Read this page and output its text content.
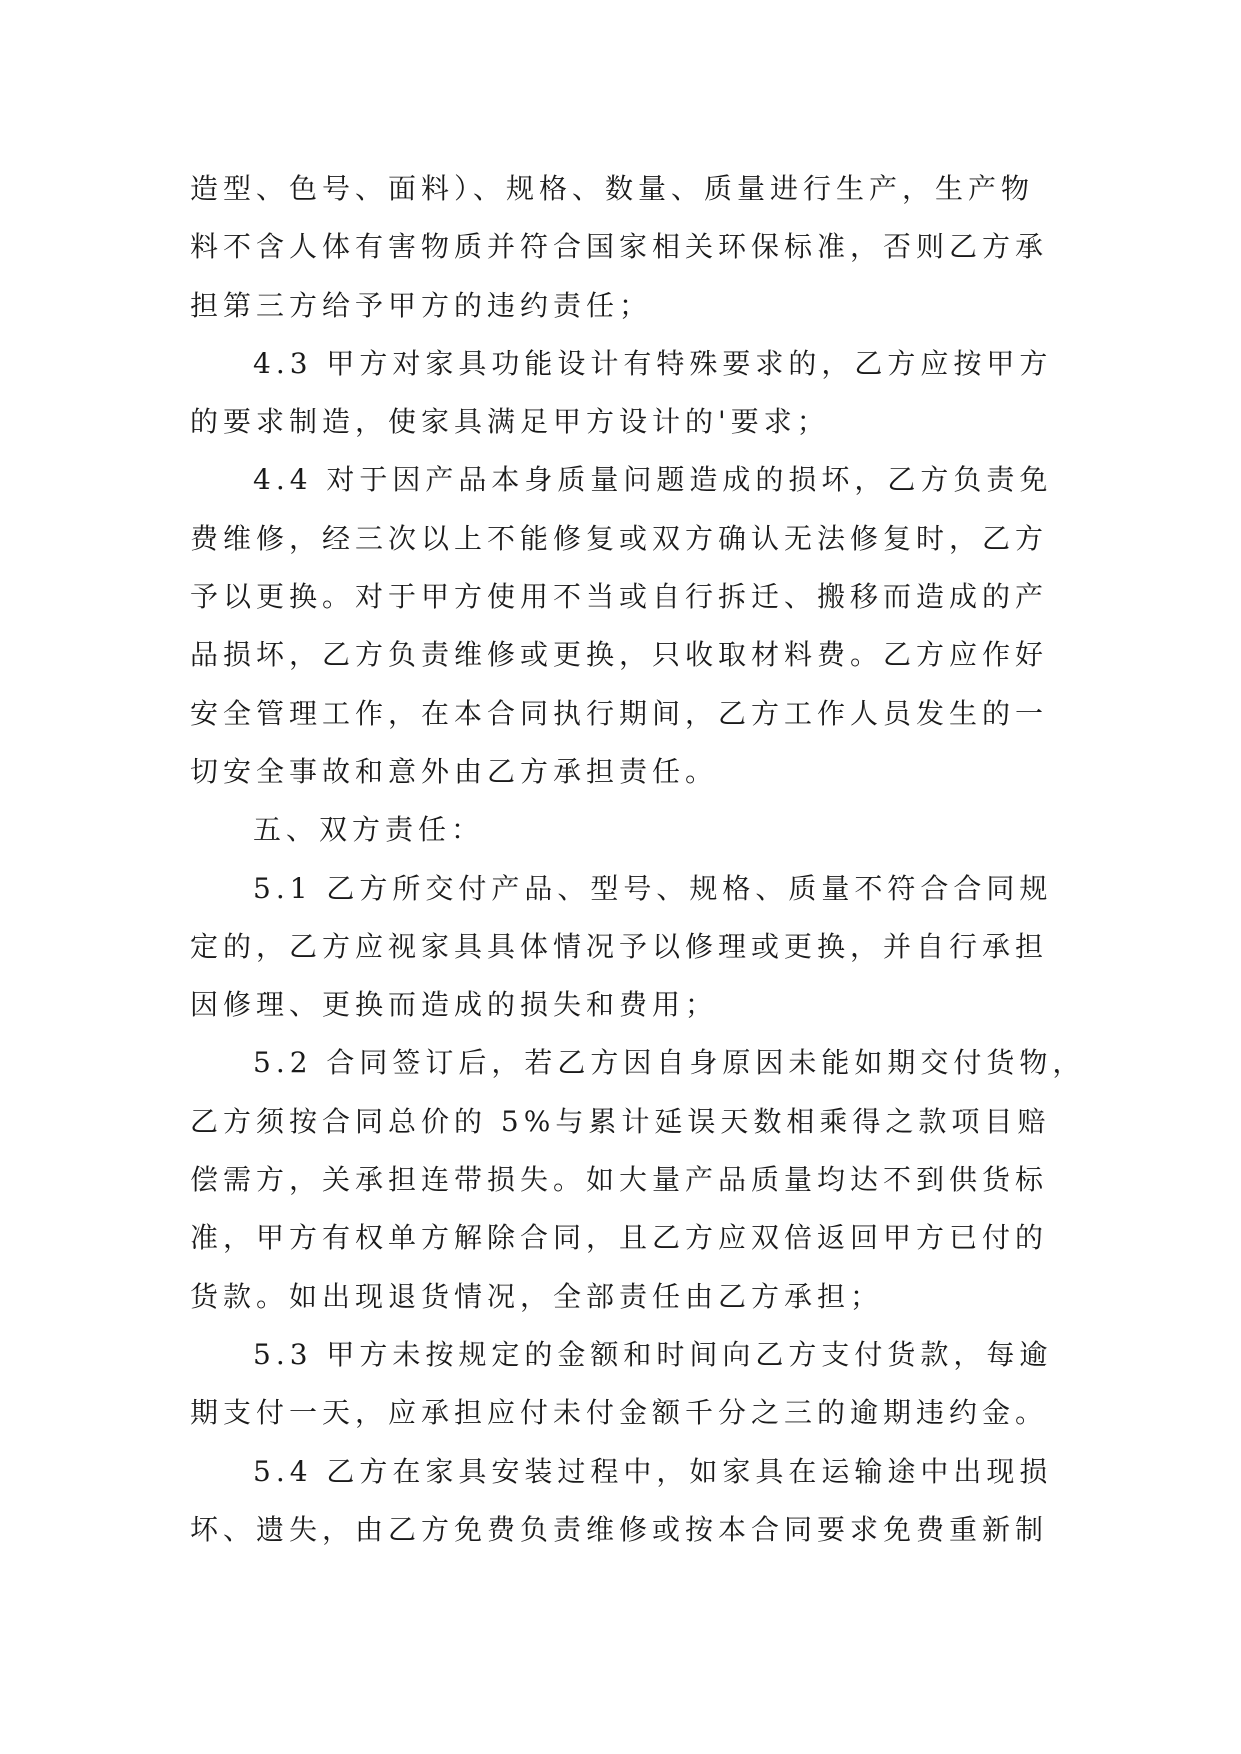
造型、色号、面料）、规格、数量、质量进行生产，生产物
料不含人体有害物质并符合国家相关环保标准，否则乙方承
担第三方给予甲方的违约责任；
4.3 甲方对家具功能设计有特殊要求的，乙方应按甲方
的要求制造，使家具满足甲方设计的'要求；
4.4 对于因产品本身质量问题造成的损坏，乙方负责免
费维修，经三次以上不能修复或双方确认无法修复时，乙方
予以更换。对于甲方使用不当或自行拆迁、搬移而造成的产
品损坏，乙方负责维修或更换，只收取材料费。乙方应作好
安全管理工作，在本合同执行期间，乙方工作人员发生的一
切安全事故和意外由乙方承担责任。
五、双方责任：
5.1 乙方所交付产品、型号、规格、质量不符合合同规
定的，乙方应视家具具体情况予以修理或更换，并自行承担
因修理、更换而造成的损失和费用；
5.2 合同签订后，若乙方因自身原因未能如期交付货物，
乙方须按合同总价的 5%与累计延误天数相乘得之款项目赔
偿需方，关承担连带损失。如大量产品质量均达不到供货标
准，甲方有权单方解除合同，且乙方应双倍返回甲方已付的
货款。如出现退货情况，全部责任由乙方承担；
5.3 甲方未按规定的金额和时间向乙方支付货款，每逾
期支付一天，应承担应付未付金额千分之三的逾期违约金。
5.4 乙方在家具安装过程中，如家具在运输途中出现损
坏、遗失，由乙方免费负责维修或按本合同要求免费重新制
